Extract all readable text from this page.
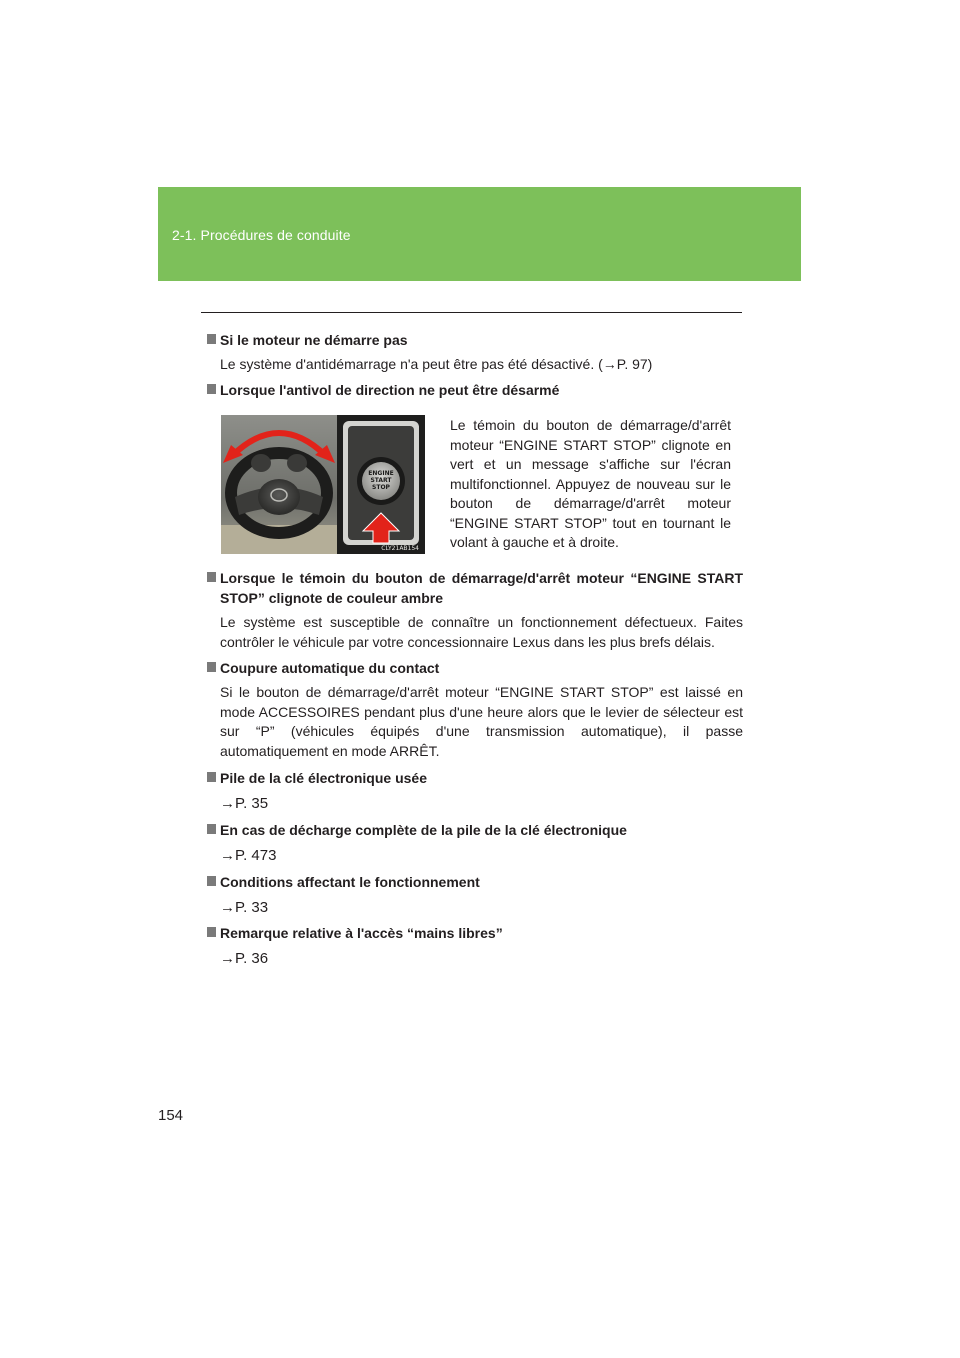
2-1. Procédures de conduite
Si le moteur ne démarre pas
Le système d'antidémarrage n'a peut être pas été désactivé. (→P. 97)
Lorsque l'antivol de direction ne peut être désarmé
ENGINE
START
STOP
CLY21AB154
Le témoin du bouton de démarrage/d'arrêt moteur “ENGINE START STOP” clignote en vert et un message s'affiche sur l'écran multifonctionnel. Appuyez de nouveau sur le bouton de démarrage/d'arrêt moteur “ENGINE START STOP” tout en tournant le volant à gauche et à droite.
Lorsque le témoin du bouton de démarrage/d'arrêt moteur “ENGINE START STOP” clignote de couleur ambre
Le système est susceptible de connaître un fonctionnement défectueux. Faites contrôler le véhicule par votre concessionnaire Lexus dans les plus brefs délais.
Coupure automatique du contact
Si le bouton de démarrage/d'arrêt moteur “ENGINE START STOP” est laissé en mode ACCESSOIRES pendant plus d'une heure alors que le levier de sélecteur est sur “P” (véhicules équipés d'une transmission automatique), il passe automatiquement en mode ARRÊT.
Pile de la clé électronique usée
→P. 35
En cas de décharge complète de la pile de la clé électronique
→P. 473
Conditions affectant le fonctionnement
→P. 33
Remarque relative à l'accès “mains libres”
→P. 36
154
